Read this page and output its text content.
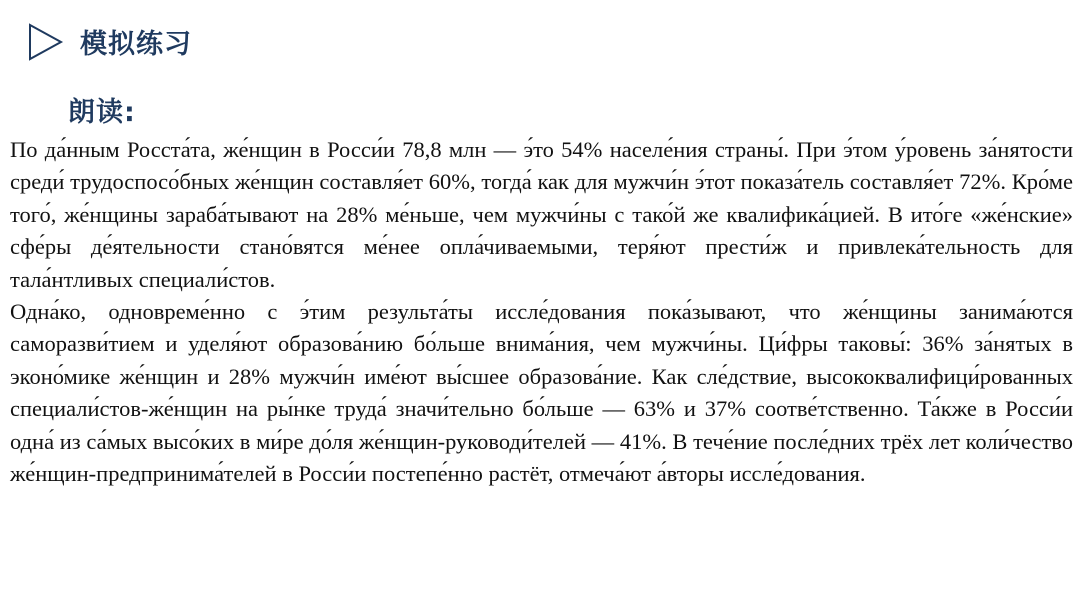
模拟练习
朗读:

По да́нным Росста́та, же́нщин в Росси́и 78,8 млн — э́то 54% населе́ния страны́. При э́том у́ровень за́нятости среди́ трудоспосо́бных же́нщин составля́ет 60%, тогда́ как для мужчи́н э́тот показа́тель составля́ет 72%. Кро́ме того́, же́нщины зараба́тывают на 28% ме́ньше, чем мужчи́ны с тако́й же квалифика́цией. В ито́ге «же́нские» сфе́ры де́ятельности стано́вятся ме́нее опла́чиваемыми, теря́ют прести́ж и привлека́тельность для тала́нтливых специали́стов.

Одна́ко, одновреме́нно с э́тим результа́ты иссле́дования пока́зывают, что же́нщины занима́ются саморазви́тием и уделя́ют образова́нию бо́льше внима́ния, чем мужчи́ны. Ци́фры таковы́: 36% за́нятых в эконо́мике же́нщин и 28% мужчи́н име́ют вы́сшее образова́ние. Как сле́дствие, высококвалифици́рованных специали́стов-же́нщин на ры́нке труда́ значи́тельно бо́льше — 63% и 37% соотве́тственно. Та́кже в Росси́и одна́ из са́мых высо́ких в ми́ре до́ля же́нщин-руководи́телей — 41%. В тече́ние после́дних трёх лет коли́чество же́нщин-предпринима́телей в Росси́и постепе́нно растёт, отмеча́ют а́вторы иссле́дования.
